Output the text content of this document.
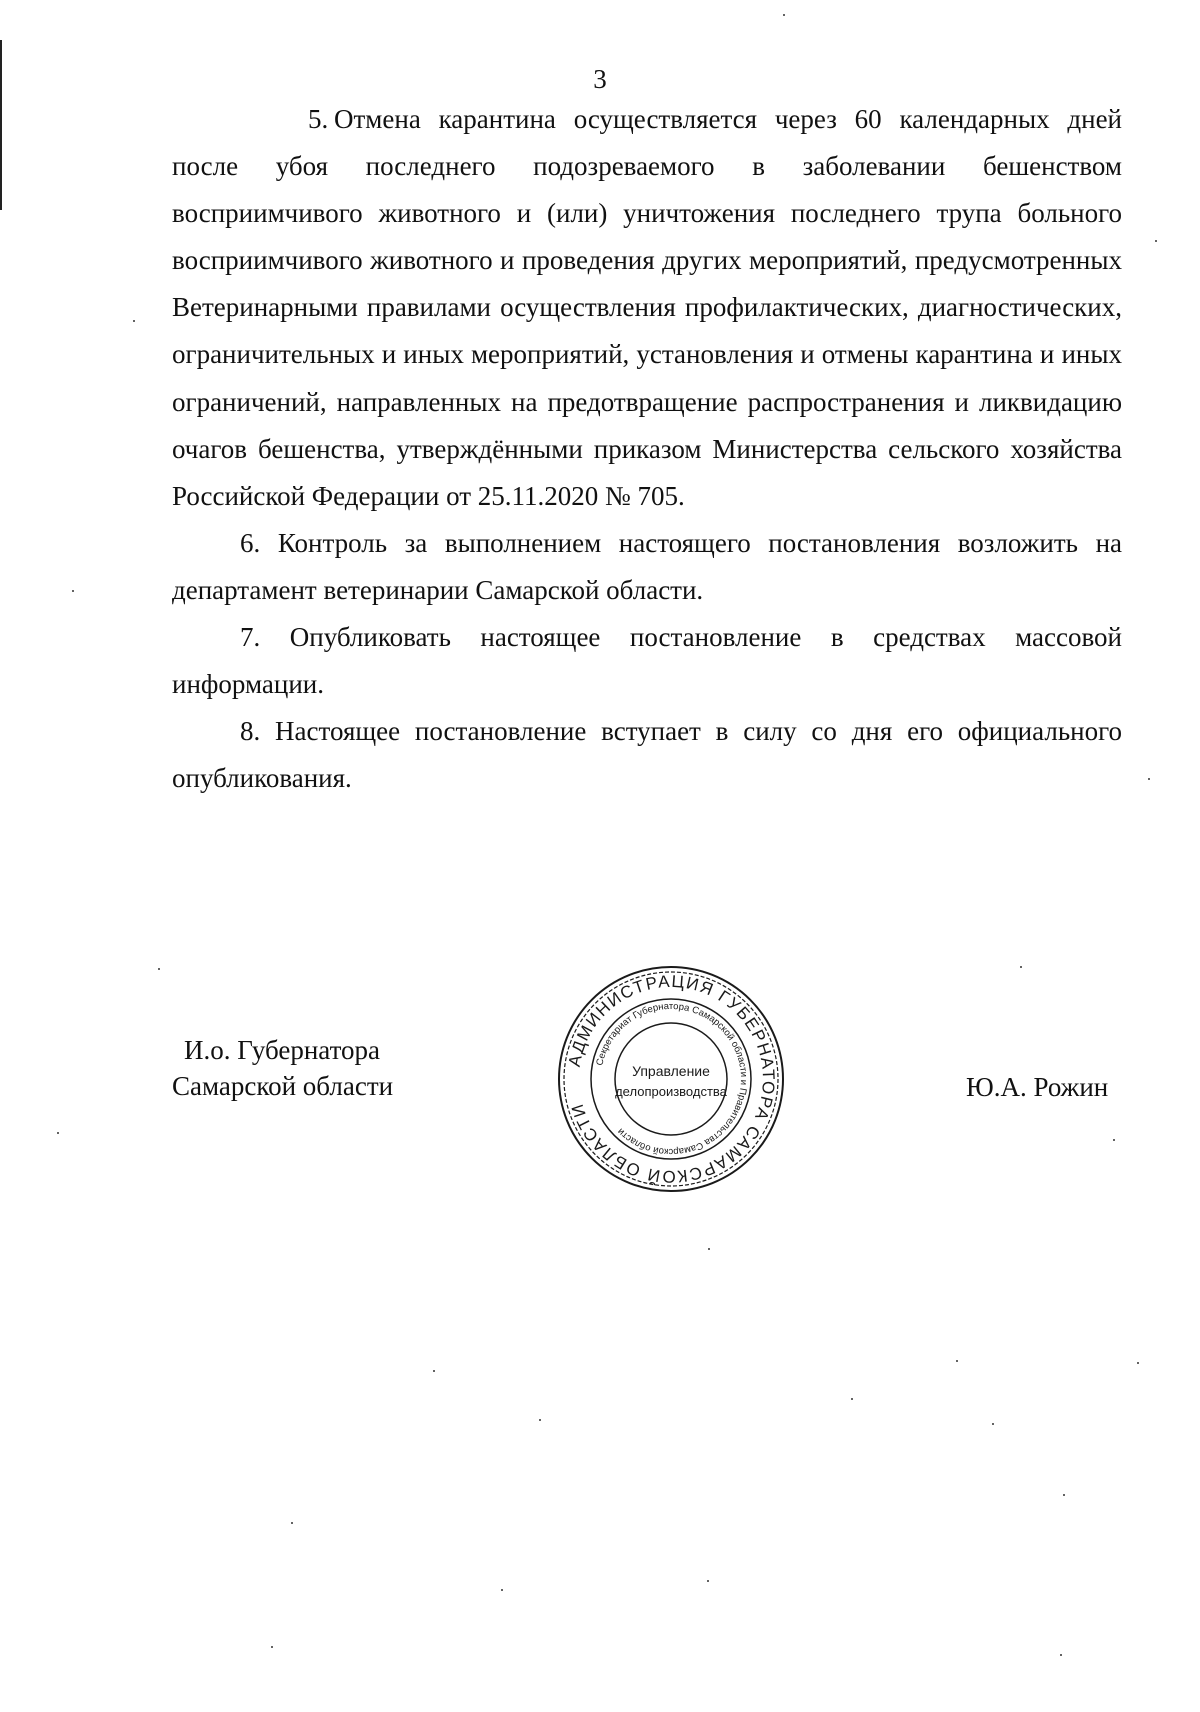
3

5. Отмена карантина осуществляется через 60 календарных дней после убоя последнего подозреваемого в заболевании бешенством восприимчивого животного и (или) уничтожения последнего трупа больного восприимчивого животного и проведения других мероприятий, предусмотренных Ветеринарными правилами осуществления профилактических, диагностических, ограничительных и иных мероприятий, установления и отмены карантина и иных ограничений, направленных на предотвращение распространения и ликвидацию очагов бешенства, утверждёнными приказом Министерства сельского хозяйства Российской Федерации от 25.11.2020 № 705.

6. Контроль за выполнением настоящего постановления возложить на департамент ветеринарии Самарской области.

7. Опубликовать настоящее постановление в средствах массовой информации.

8. Настоящее постановление вступает в силу со дня его официального опубликования.

И.о. Губернатора
Самарской области	Ю.А. Рожин
АДМИНИСТРАЦИЯ ГУБЕРНАТОРА САМАРСКОЙ ОБЛАСТИ
Секретариат Губернатора Самарской области и Правительства Самарской области
Управление
делопроизводства
